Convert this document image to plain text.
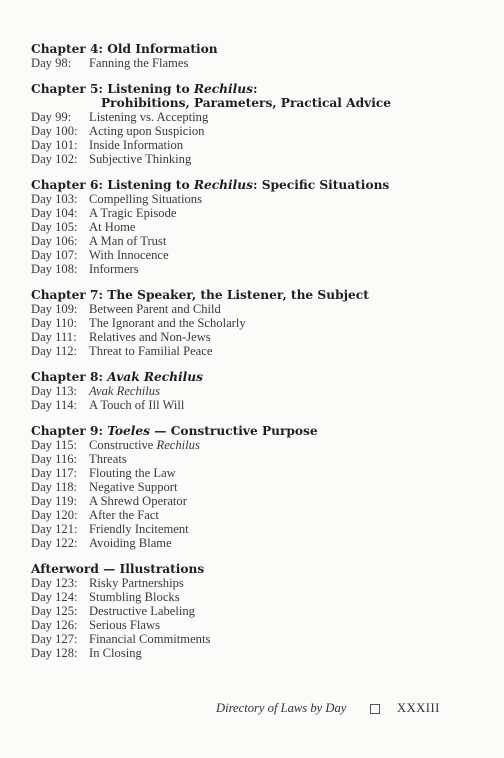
Chapter 4: Old Information
Day 98: Fanning the Flames
Chapter 5: Listening to Rechilus:
Prohibitions, Parameters, Practical Advice
Day 99: Listening vs. Accepting
Day 100: Acting upon Suspicion
Day 101: Inside Information
Day 102: Subjective Thinking
Chapter 6: Listening to Rechilus: Specific Situations
Day 103: Compelling Situations
Day 104: A Tragic Episode
Day 105: At Home
Day 106: A Man of Trust
Day 107: With Innocence
Day 108: Informers
Chapter 7: The Speaker, the Listener, the Subject
Day 109: Between Parent and Child
Day 110: The Ignorant and the Scholarly
Day 111: Relatives and Non-Jews
Day 112: Threat to Familial Peace
Chapter 8: Avak Rechilus
Day 113: Avak Rechilus
Day 114: A Touch of Ill Will
Chapter 9: Toeles — Constructive Purpose
Day 115: Constructive Rechilus
Day 116: Threats
Day 117: Flouting the Law
Day 118: Negative Support
Day 119: A Shrewd Operator
Day 120: After the Fact
Day 121: Friendly Incitement
Day 122: Avoiding Blame
Afterword — Illustrations
Day 123: Risky Partnerships
Day 124: Stumbling Blocks
Day 125: Destructive Labeling
Day 126: Serious Flaws
Day 127: Financial Commitments
Day 128: In Closing
Directory of Laws by Day	XXXIII
